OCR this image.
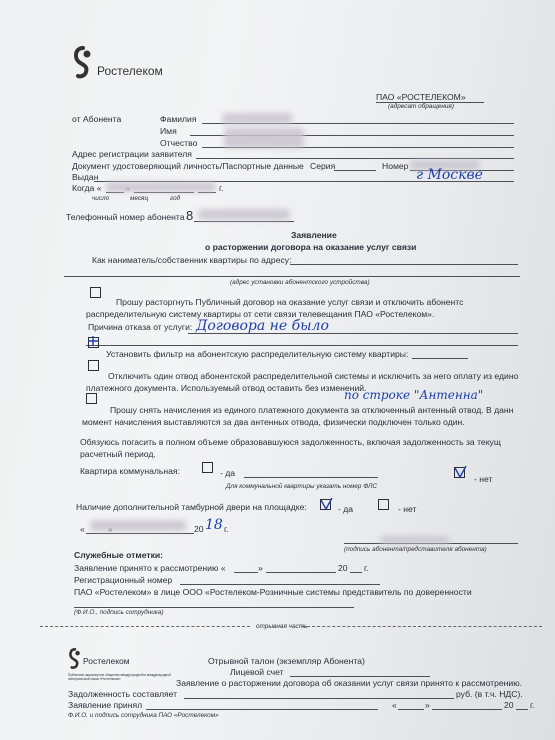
Ростелеком
ПАО «РОСТЕЛЕКОМ»
(адресат обращения)
от Абонента	Фамилия
Имя
Отчество
Адрес регистрации заявителя
Документ удостоверяющий личность/Паспортные данные Серия	Номер
Выдан	г Москве
Когда «	г.
число	месяц	год
Телефонный номер абонента 8
Заявление
о расторжении договора на оказание услуг связи
Как наниматель/собственник квартиры по адресу:
(адрес установки абонентского устройства)
Прошу расторгнуть Публичный договор на оказание услуг связи и отключить абонентс
распределительную систему квартиры от сети связи телевещания ПАО «Ростелеком».
Причина отказа от услуги: Договора не было
Установить фильтр на абонентскую распределительную систему квартиры:
Отключить один отвод абонентской распределительной системы и исключить за него оплату из едино
платежного документа. Используемый отвод оставить без изменений.
по строке "Антенна"
Прошу снять начисления из единого платежного документа за отключенный антенный отвод. В данн
момент начисления выставляются за два антенных отвода, физически подключен только один.
Обязуюсь погасить в полном объеме образовавшуюся задолженность, включая задолженность за текущ
расчетный период.
Квартира коммунальная:	- да
- нет
Для коммунальной квартиры указать номер ФЛС
Наличие дополнительной тамбурной двери на площадке:	- да	- нет
«	20 18 г.
(подпись абонента/представителя абонента)
Служебные отметки:
Заявление принято к рассмотрению «	»	20 г.
Регистрационный номер
ПАО «Ростелеком» в лице ООО «Ростелеком-Розничные системы представитель по доверенности
(Ф.И.О., подпись сотрудника)
отрывная часть
Ростелеком
Публичное акционерное общество междугородной и международной электрической связи «Ростелеком»
Отрывной талон (экземпляр Абонента)
Лицевой счет
Заявление о расторжении договора об оказании услуг связи принято к рассмотрению.
Задолженность составляет	руб. (в т.ч. НДС).
Заявление принял	«	»	20 г.
Ф.И.О. и подпись сотрудника ПАО «Ростелеком»
